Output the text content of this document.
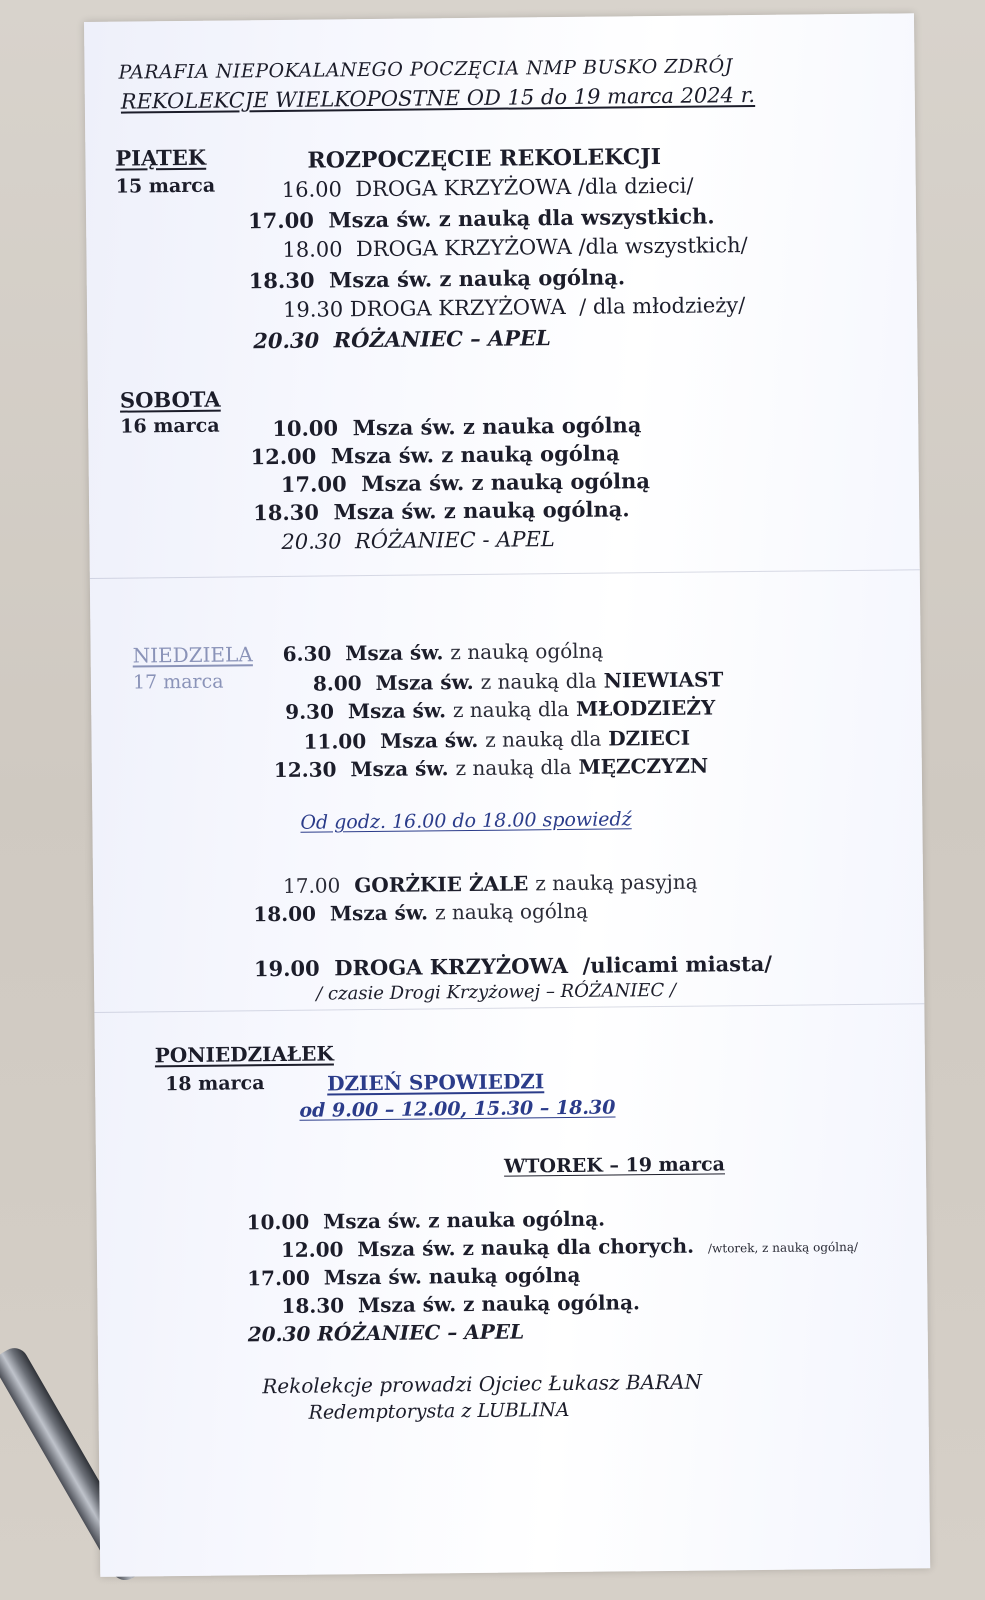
PARAFIA NIEPOKALANEGO POCZĘCIA NMP BUSKO ZDRÓJ
REKOLEKCJE WIELKOPOSTNE OD 15 do 19 marca 2024 r.
PIĄTEK
15 marca
ROZPOCZĘCIE REKOLEKCJI
16.00 DROGA KRZYŻOWA /dla dzieci/
17.00 Msza św. z nauką dla wszystkich.
18.00 DROGA KRZYŻOWA /dla wszystkich/
18.30 Msza św. z nauką ogólną.
19.30 DROGA KRZYŻOWA / dla młodzieży/
20.30 RÓŻANIEC – APEL
SOBOTA
16 marca 10.00 Msza św. z nauka ogólną
12.00 Msza św. z nauką ogólną
17.00 Msza św. z nauką ogólną
18.30 Msza św. z nauką ogólną.
20.30 RÓŻANIEC - APEL
NIEDZIELA
17 marca
6.30 Msza św. z nauką ogólną
8.00 Msza św. z nauką dla NIEWIAST
9.30 Msza św. z nauką dla MŁODZIEŻY
11.00 Msza św. z nauką dla DZIECI
12.30 Msza św. z nauką dla MĘZCZYZN
Od godz. 16.00 do 18.00 spowiedź
17.00 GORŻKIE ŻALE z nauką pasyjną
18.00 Msza św. z nauką ogólną
19.00 DROGA KRZYŻOWA /ulicami miasta/
/ czasie Drogi Krzyżowej – RÓŻANIEC /
PONIEDZIAŁEK
18 marca	DZIEŃ SPOWIEDZI
od 9.00 – 12.00, 15.30 – 18.30
WTOREK – 19 marca
10.00 Msza św. z nauka ogólną.
12.00 Msza św. z nauką dla chorych. /wtorek, z nauką ogólną/
17.00 Msza św. nauką ogólną
18.30 Msza św. z nauką ogólną.
20.30 RÓŻANIEC – APEL
Rekolekcje prowadzi Ojciec Łukasz BARAN
Redemptorysta z LUBLINA
